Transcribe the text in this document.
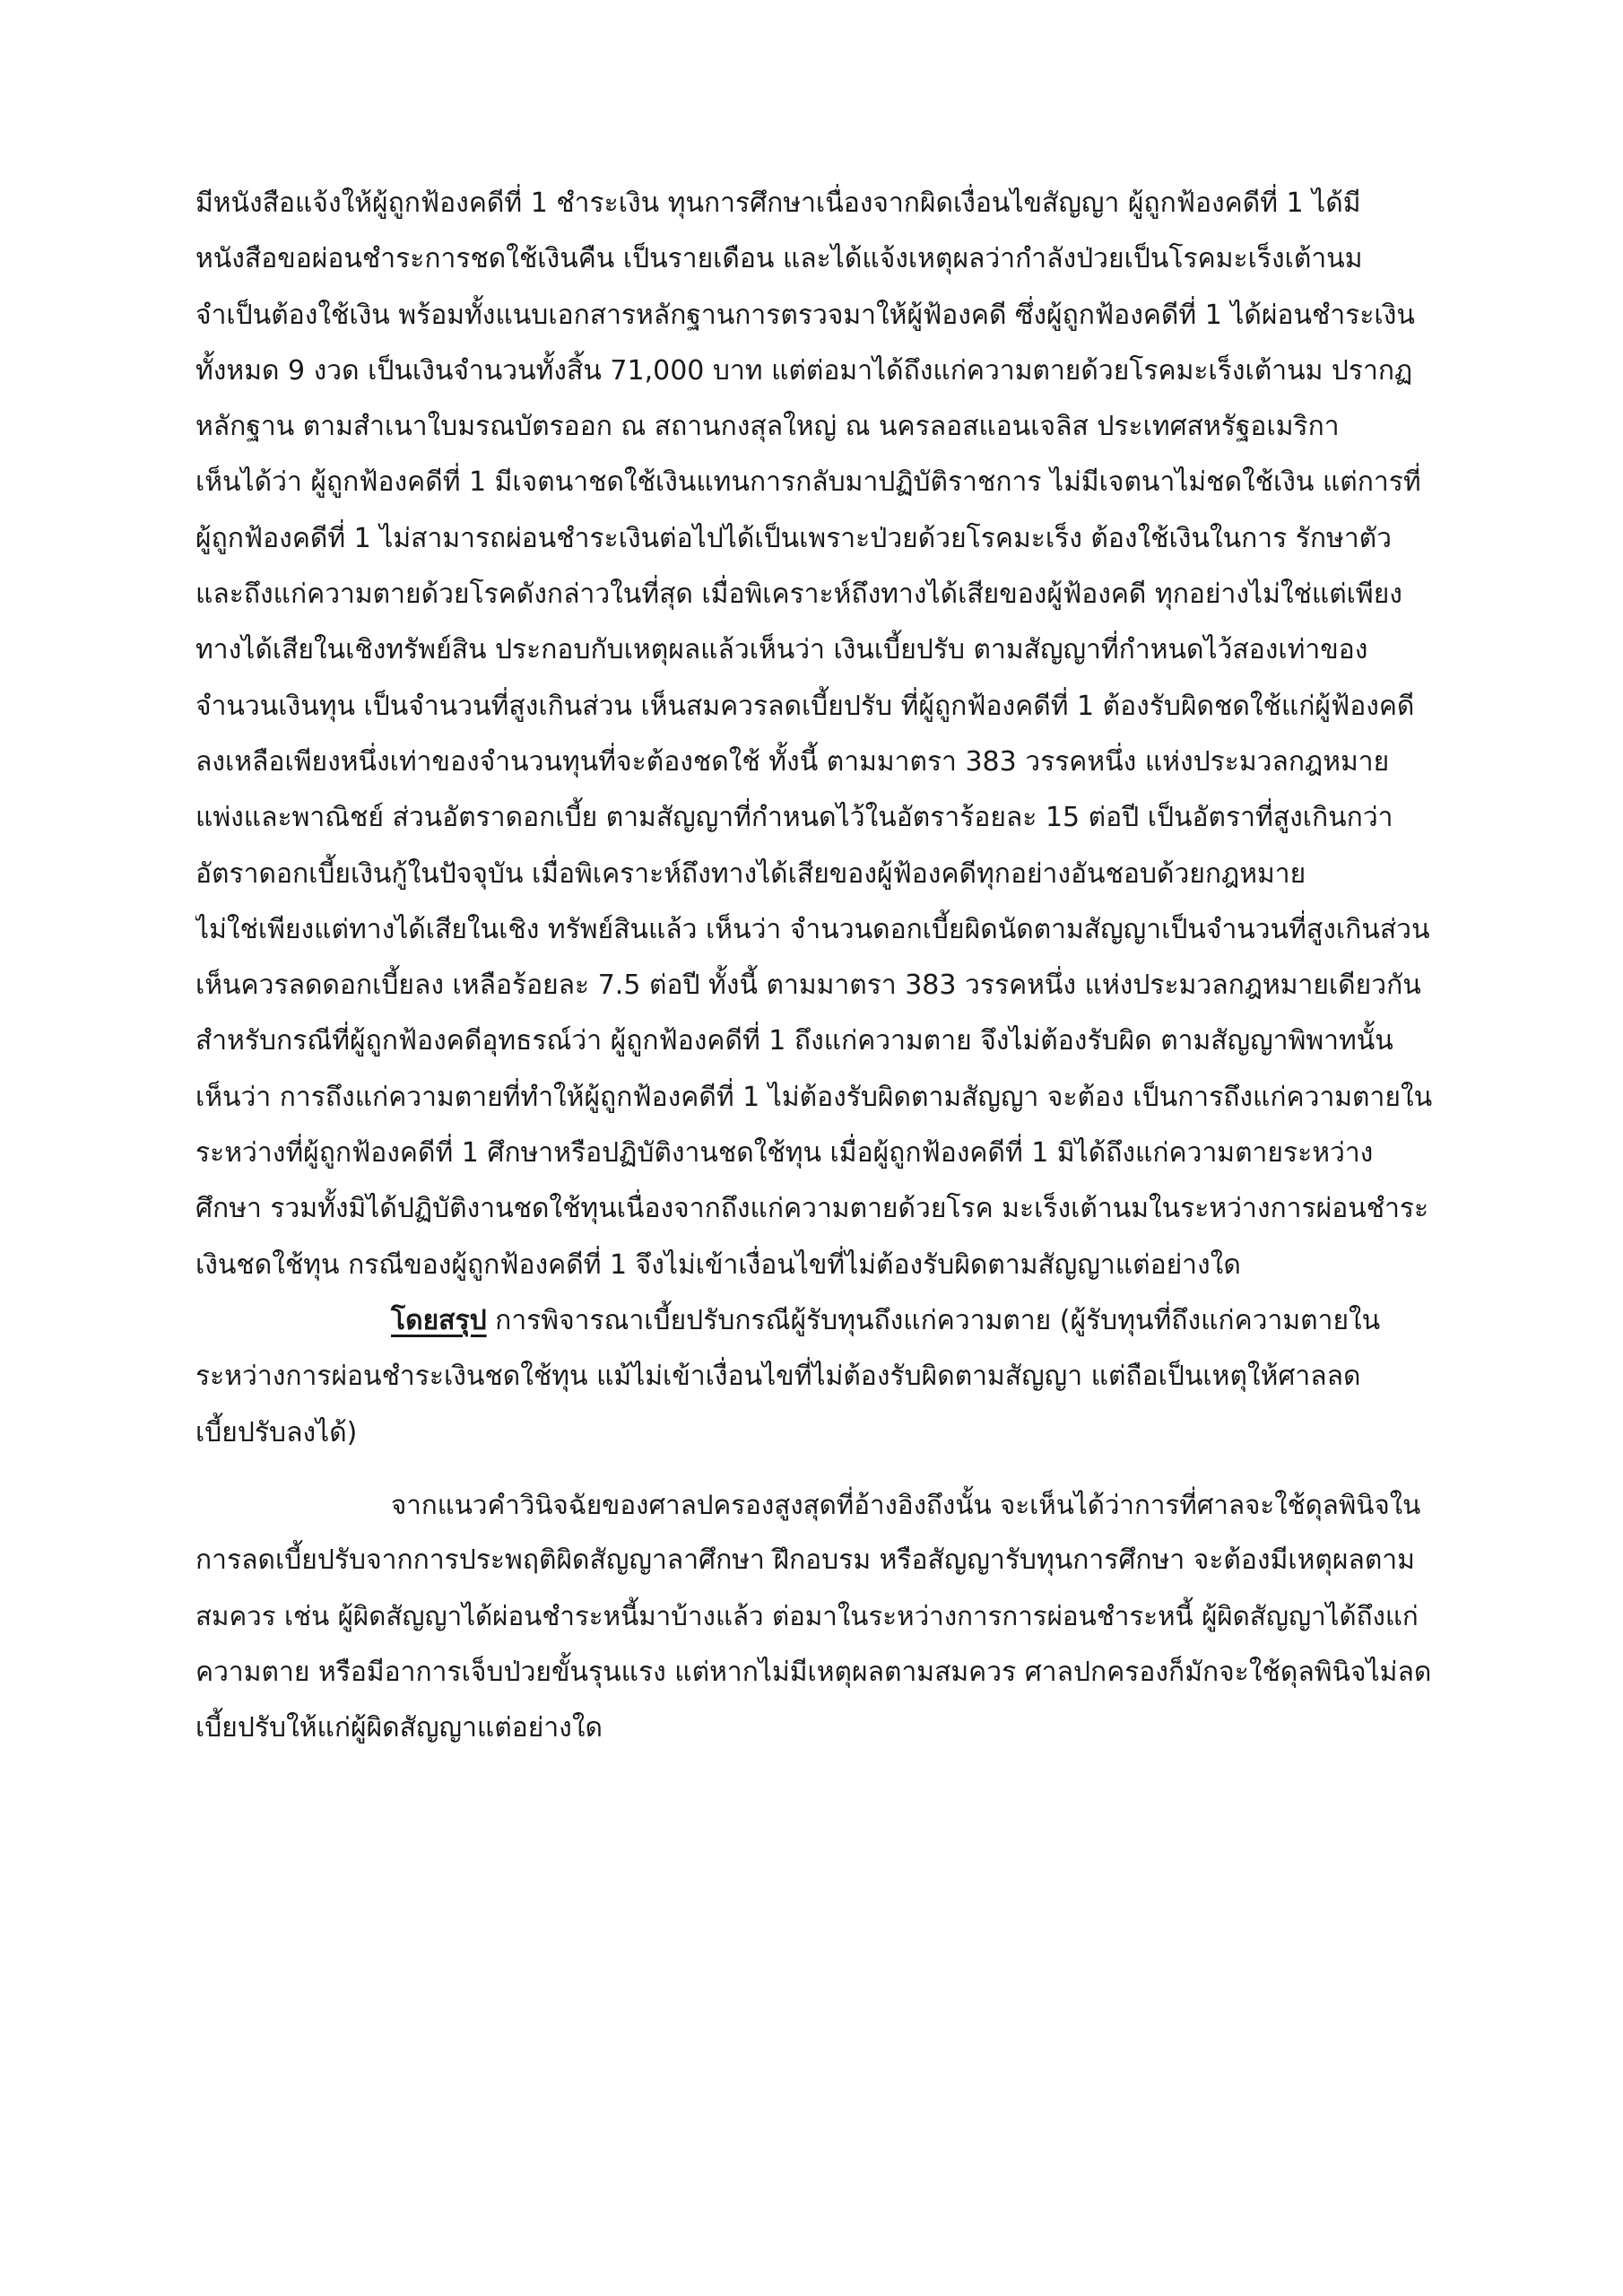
มีหนังสือแจ้งให้ผู้ถูกฟ้องคดีที่ 1 ชำระเงิน ทุนการศึกษาเนื่องจากผิดเงื่อนไขสัญญา ผู้ถูกฟ้องคดีที่ 1 ได้มี
หนังสือขอผ่อนชำระการชดใช้เงินคืน เป็นรายเดือน และได้แจ้งเหตุผลว่ากำลังป่วยเป็นโรคมะเร็งเต้านม
จำเป็นต้องใช้เงิน พร้อมทั้งแนบเอกสารหลักฐานการตรวจมาให้ผู้ฟ้องคดี ซึ่งผู้ถูกฟ้องคดีที่ 1 ได้ผ่อนชำระเงิน
ทั้งหมด 9 งวด เป็นเงินจำนวนทั้งสิ้น 71,000 บาท แต่ต่อมาได้ถึงแก่ความตายด้วยโรคมะเร็งเต้านม ปรากฏ
หลักฐาน ตามสำเนาใบมรณบัตรออก ณ สถานกงสุลใหญ่ ณ นครลอสแอนเจลิส ประเทศสหรัฐอเมริกา
เห็นได้ว่า ผู้ถูกฟ้องคดีที่ 1 มีเจตนาชดใช้เงินแทนการกลับมาปฏิบัติราชการ ไม่มีเจตนาไม่ชดใช้เงิน แต่การที่
ผู้ถูกฟ้องคดีที่ 1 ไม่สามารถผ่อนชำระเงินต่อไปได้เป็นเพราะป่วยด้วยโรคมะเร็ง ต้องใช้เงินในการ รักษาตัว
และถึงแก่ความตายด้วยโรคดังกล่าวในที่สุด เมื่อพิเคราะห์ถึงทางได้เสียของผู้ฟ้องคดี ทุกอย่างไม่ใช่แต่เพียง
ทางได้เสียในเชิงทรัพย์สิน ประกอบกับเหตุผลแล้วเห็นว่า เงินเบี้ยปรับ ตามสัญญาที่กำหนดไว้สองเท่าของ
จำนวนเงินทุน เป็นจำนวนที่สูงเกินส่วน เห็นสมควรลดเบี้ยปรับ ที่ผู้ถูกฟ้องคดีที่ 1 ต้องรับผิดชดใช้แก่ผู้ฟ้องคดี
ลงเหลือเพียงหนึ่งเท่าของจำนวนทุนที่จะต้องชดใช้ ทั้งนี้ ตามมาตรา 383 วรรคหนึ่ง แห่งประมวลกฎหมาย
แพ่งและพาณิชย์ ส่วนอัตราดอกเบี้ย ตามสัญญาที่กำหนดไว้ในอัตราร้อยละ 15 ต่อปี เป็นอัตราที่สูงเกินกว่า
อัตราดอกเบี้ยเงินกู้ในปัจจุบัน เมื่อพิเคราะห์ถึงทางได้เสียของผู้ฟ้องคดีทุกอย่างอันชอบด้วยกฎหมาย
ไม่ใช่เพียงแต่ทางได้เสียในเชิง ทรัพย์สินแล้ว เห็นว่า จำนวนดอกเบี้ยผิดนัดตามสัญญาเป็นจำนวนที่สูงเกินส่วน
เห็นควรลดดอกเบี้ยลง เหลือร้อยละ 7.5 ต่อปี ทั้งนี้ ตามมาตรา 383 วรรคหนึ่ง แห่งประมวลกฎหมายเดียวกัน
สำหรับกรณีที่ผู้ถูกฟ้องคดีอุทธรณ์ว่า ผู้ถูกฟ้องคดีที่ 1 ถึงแก่ความตาย จึงไม่ต้องรับผิด ตามสัญญาพิพาทนั้น
เห็นว่า การถึงแก่ความตายที่ทำให้ผู้ถูกฟ้องคดีที่ 1 ไม่ต้องรับผิดตามสัญญา จะต้อง เป็นการถึงแก่ความตายใน
ระหว่างที่ผู้ถูกฟ้องคดีที่ 1 ศึกษาหรือปฏิบัติงานชดใช้ทุน เมื่อผู้ถูกฟ้องคดีที่ 1 มิได้ถึงแก่ความตายระหว่าง
ศึกษา รวมทั้งมิได้ปฏิบัติงานชดใช้ทุนเนื่องจากถึงแก่ความตายด้วยโรค มะเร็งเต้านมในระหว่างการผ่อนชำระ
เงินชดใช้ทุน กรณีของผู้ถูกฟ้องคดีที่ 1 จึงไม่เข้าเงื่อนไขที่ไม่ต้องรับผิดตามสัญญาแต่อย่างใด
โดยสรุป การพิจารณาเบี้ยปรับกรณีผู้รับทุนถึงแก่ความตาย (ผู้รับทุนที่ถึงแก่ความตายใน
ระหว่างการผ่อนชำระเงินชดใช้ทุน แม้ไม่เข้าเงื่อนไขที่ไม่ต้องรับผิดตามสัญญา แต่ถือเป็นเหตุให้ศาลลด
เบี้ยปรับลงได้)
จากแนวคำวินิจฉัยของศาลปครองสูงสุดที่อ้างอิงถึงนั้น จะเห็นได้ว่าการที่ศาลจะใช้ดุลพินิจใน
การลดเบี้ยปรับจากการประพฤติผิดสัญญาลาศึกษา ฝึกอบรม หรือสัญญารับทุนการศึกษา จะต้องมีเหตุผลตาม
สมควร เช่น ผู้ผิดสัญญาได้ผ่อนชำระหนี้มาบ้างแล้ว ต่อมาในระหว่างการการผ่อนชำระหนี้ ผู้ผิดสัญญาได้ถึงแก่
ความตาย หรือมีอาการเจ็บป่วยขั้นรุนแรง แต่หากไม่มีเหตุผลตามสมควร ศาลปกครองก็มักจะใช้ดุลพินิจไม่ลด
เบี้ยปรับให้แก่ผู้ผิดสัญญาแต่อย่างใด
